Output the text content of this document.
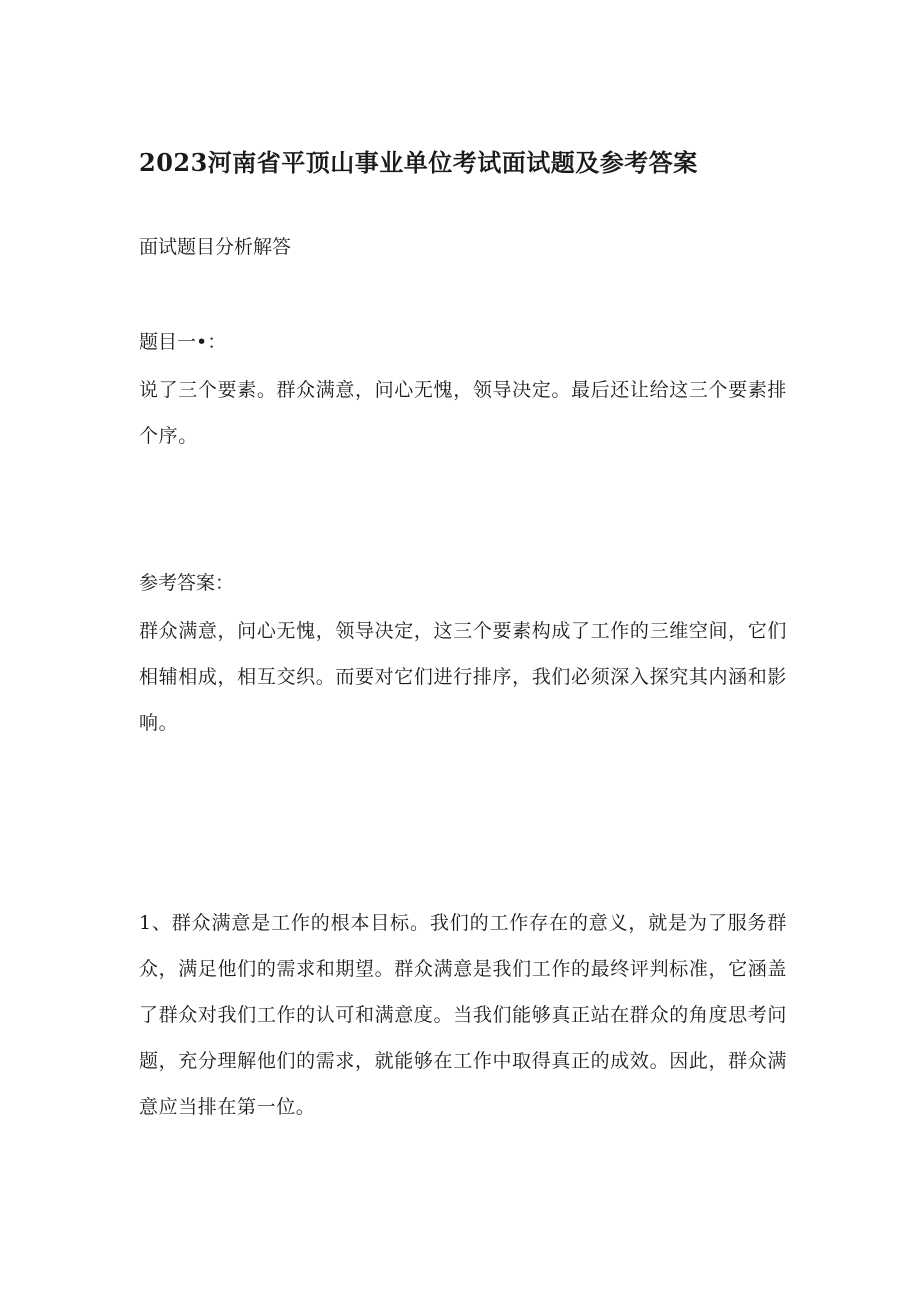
2023河南省平顶山事业单位考试面试题及参考答案
面试题目分析解答
题目一•：

说了三个要素。群众满意，问心无愧，领导决定。最后还让给这三个要素排个序。

参考答案：

群众满意，问心无愧，领导决定，这三个要素构成了工作的三维空间，它们相辅相成，相互交织。而要对它们进行排序，我们必须深入探究其内涵和影响。

1、群众满意是工作的根本目标。我们的工作存在的意义，就是为了服务群众，满足他们的需求和期望。群众满意是我们工作的最终评判标准，它涵盖了群众对我们工作的认可和满意度。当我们能够真正站在群众的角度思考问题，充分理解他们的需求，就能够在工作中取得真正的成效。因此，群众满意应当排在第一位。
